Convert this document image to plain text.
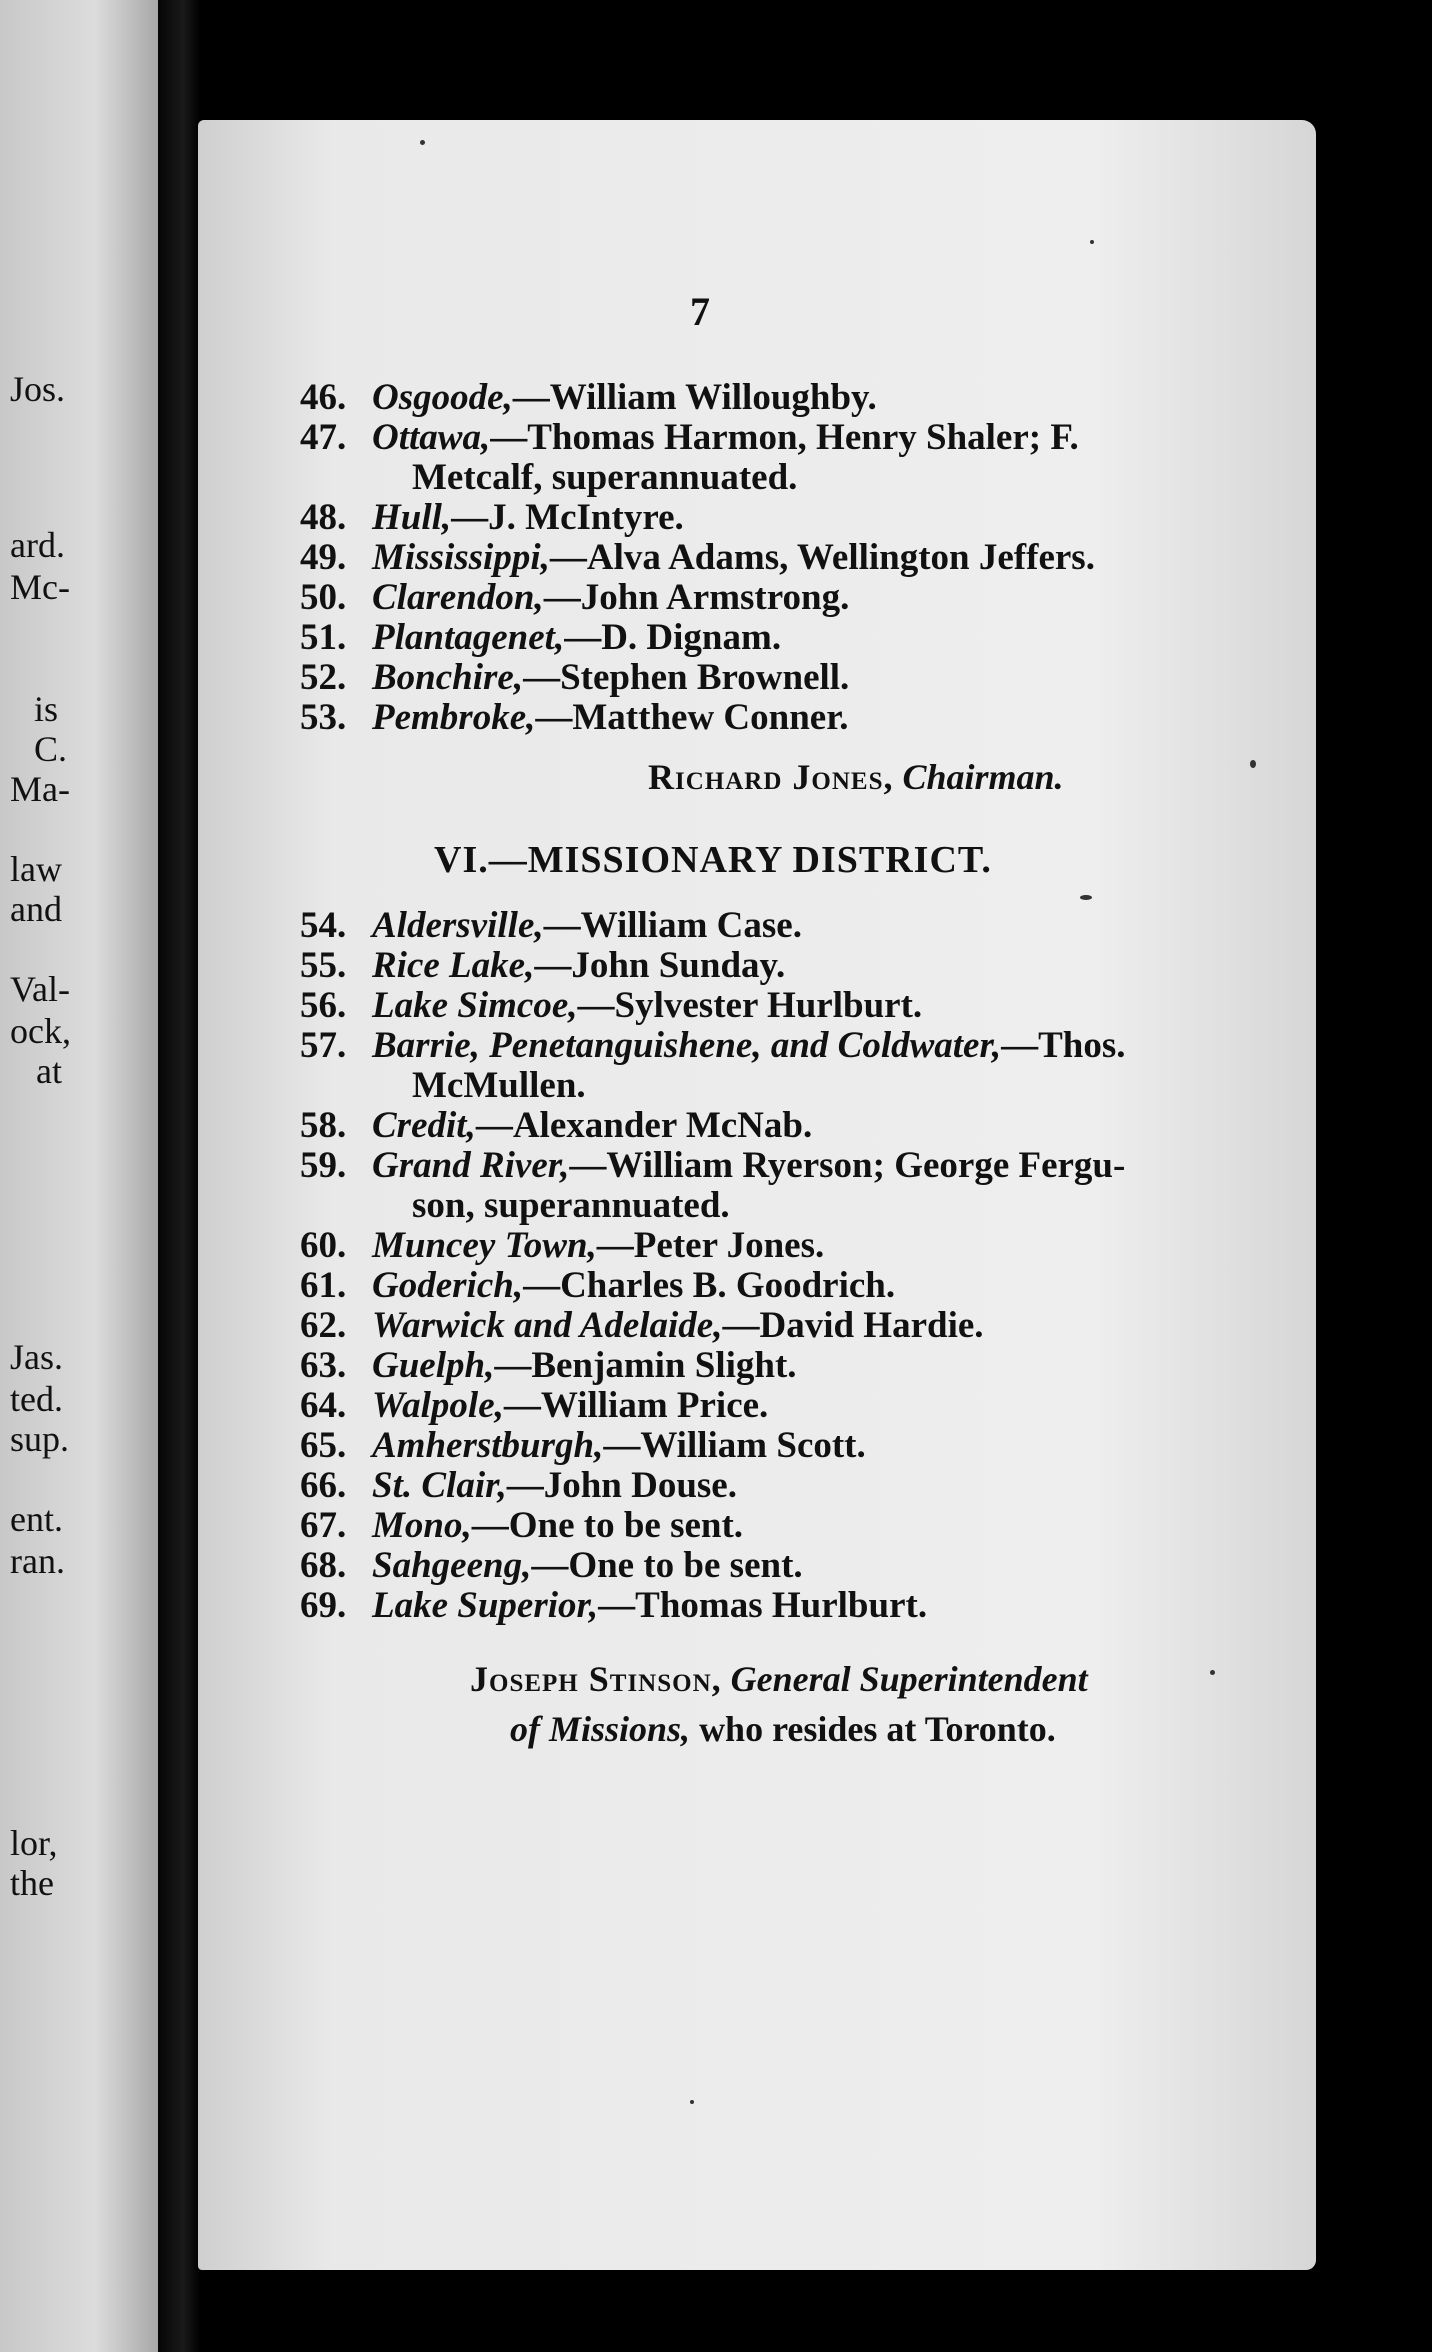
Jos.
ard.
Mc-
is
C.
Ma-
law
and
Val-
ock,
at
Jas.
ted.
sup.
ent.
ran.
lor,
the
7
46. Osgoode,—William Willoughby.
47. Ottawa,—Thomas Harmon, Henry Shaler; F.
Metcalf, superannuated.
48. Hull,—J. McIntyre.
49. Mississippi,—Alva Adams, Wellington Jeffers.
50. Clarendon,—John Armstrong.
51. Plantagenet,—D. Dignam.
52. Bonchire,—Stephen Brownell.
53. Pembroke,—Matthew Conner.
Richard Jones, Chairman.
VI.—MISSIONARY DISTRICT.
54. Aldersville,—William Case.
55. Rice Lake,—John Sunday.
56. Lake Simcoe,—Sylvester Hurlburt.
57. Barrie, Penetanguishene, and Coldwater,—Thos.
McMullen.
58. Credit,—Alexander McNab.
59. Grand River,—William Ryerson; George Fergu-
son, superannuated.
60. Muncey Town,—Peter Jones.
61. Goderich,—Charles B. Goodrich.
62. Warwick and Adelaide,—David Hardie.
63. Guelph,—Benjamin Slight.
64. Walpole,—William Price.
65. Amherstburgh,—William Scott.
66. St. Clair,—John Douse.
67. Mono,—One to be sent.
68. Sahgeeng,—One to be sent.
69. Lake Superior,—Thomas Hurlburt.
Joseph Stinson, General Superintendent
of Missions, who resides at Toronto.
